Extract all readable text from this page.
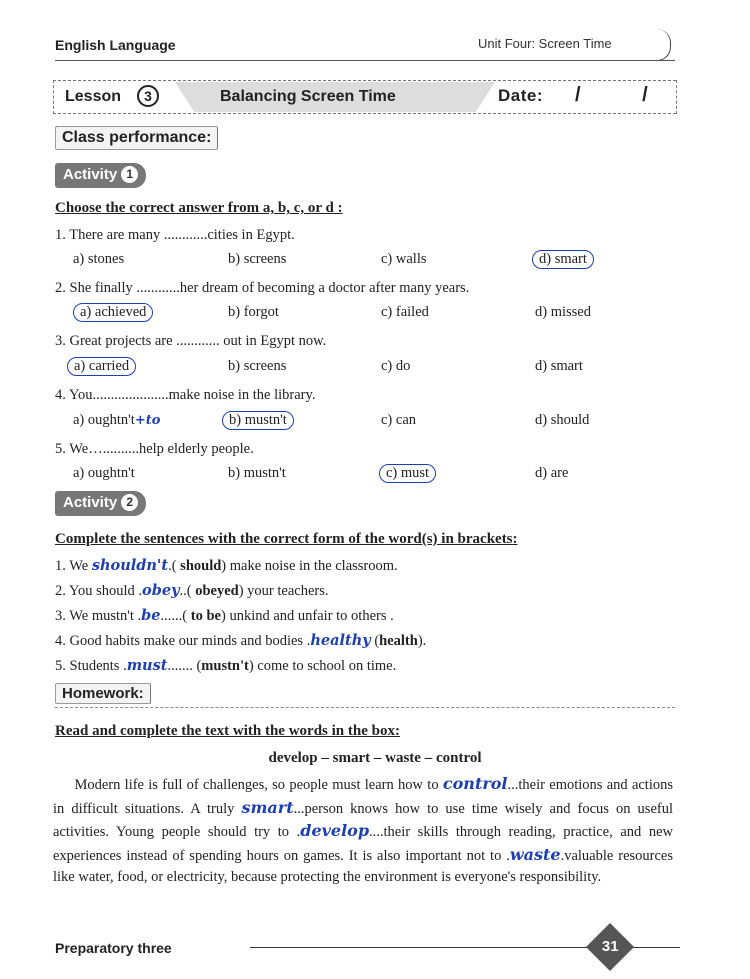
English Language	Unit Four: Screen Time
Lesson	3	Balancing Screen Time	Date: / /
Class performance:
Activity 1
Choose the correct answer from a, b, c, or d :
1. There are many ............cities in Egypt.
a) stones	b) screens	c) walls	d) smart
2. She finally ............her dream of becoming a doctor after many years.
a) achieved	b) forgot	c) failed	d) missed
3. Great projects are ............ out in Egypt now.
a) carried	b) screens	c) do	d) smart
4. You.....................make noise in the library.
a) oughtn't+to	b) mustn't	c) can	d) should
5. We…..........help elderly people.
a) oughtn't	b) mustn't	c) must	d) are
Activity 2
Complete the sentences with the correct form of the word(s) in brackets:
1. We shouldn't.( should) make noise in the classroom.
2. You should .obey..( obeyed) your teachers.
3. We mustn't .be......( to be) unkind and unfair to others .
4. Good habits make our minds and bodies .healthy (health).
5. Students .must....... (mustn't) come to school on time.
Homework:
Read and complete the text with the words in the box:
develop – smart – waste – control
Modern life is full of challenges, so people must learn how to control...their emotions and actions in difficult situations. A truly smart...person knows how to use time wisely and focus on useful activities. Young people should try to .develop....their skills through reading, practice, and new experiences instead of spending hours on games. It is also important not to .waste.valuable resources like water, food, or electricity, because protecting the environment is everyone's responsibility.
Preparatory three	31
